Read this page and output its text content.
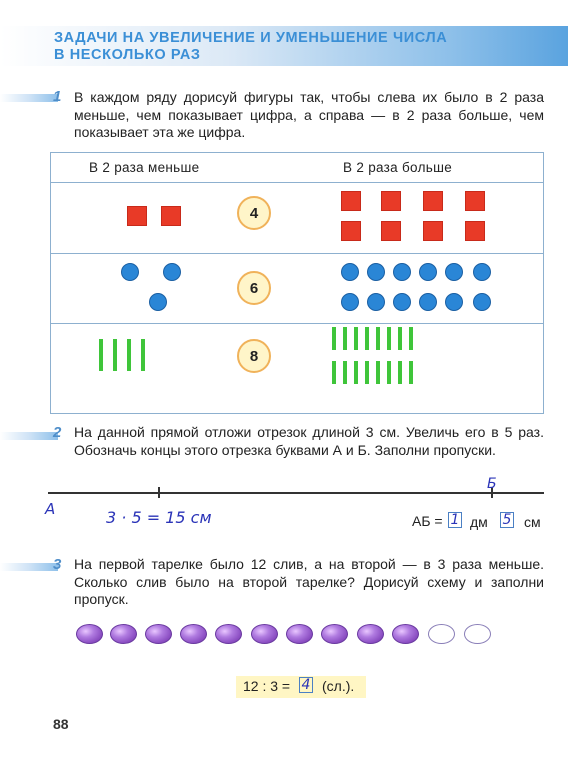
ЗАДАЧИ НА УВЕЛИЧЕНИЕ И УМЕНЬШЕНИЕ ЧИСЛА
В НЕСКОЛЬКО РАЗ
1 В каждом ряду дорисуй фигуры так, чтобы слева их было в 2 раза меньше, чем показывает цифра, а справа — в 2 раза больше, чем показывает эта же цифра.
В 2 раза меньше	В 2 раза больше
4
6
8
2 На данной прямой отложи отрезок длиной 3 см. Увеличь его в 5 раз. Обозначь концы этого отрезка буквами А и Б. Заполни пропуски.
А
Б
3 · 5 = 15 см	АБ = 1 дм 5 см
3 На первой тарелке было 12 слив, а на второй — в 3 раза меньше. Сколько слив было на второй тарелке? Дорисуй схему и заполни пропуск.
12 : 3 = 4 (сл.).
88
